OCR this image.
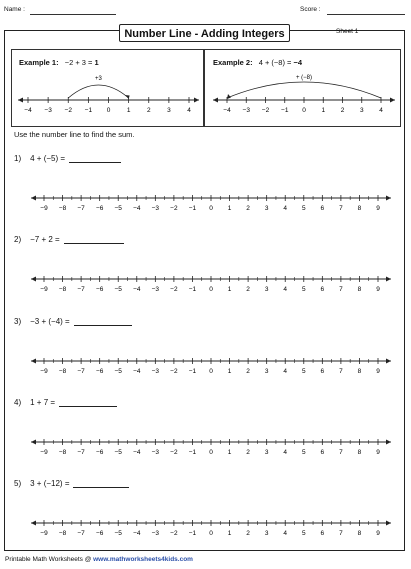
Name :	Score :
Number Line - Adding Integers	Sheet 1
Example 1: −2 + 3 = 1
−4 −3 −2 −1 0	1	2	3	4
+3
Example 2: 4 + (−8) = −4
−4 −3 −2 −1 0 1 2 3 4
+ (−8)
Use the number line to find the sum.
1) 4 + (−5) =
−9 −8 −7 −6 −5 −4 −3 −2 −1 0 1 2 3 4 5 6 7 8 9
2) −7 + 2 =
−9 −8 −7 −6 −5 −4 −3 −2 −1 0 1 2 3 4 5 6 7 8 9
3) −3 + (−4) =
−9 −8 −7 −6 −5 −4 −3 −2 −1 0 1 2 3 4 5 6 7 8 9
4) 1 + 7 =
−9 −8 −7 −6 −5 −4 −3 −2 −1 0 1 2 3 4 5 6 7 8 9
5) 3 + (−12) =
−9 −8 −7 −6 −5 −4 −3 −2 −1 0 1 2 3 4 5 6 7 8 9
Printable Math Worksheets @ www.mathworksheets4kids.com
